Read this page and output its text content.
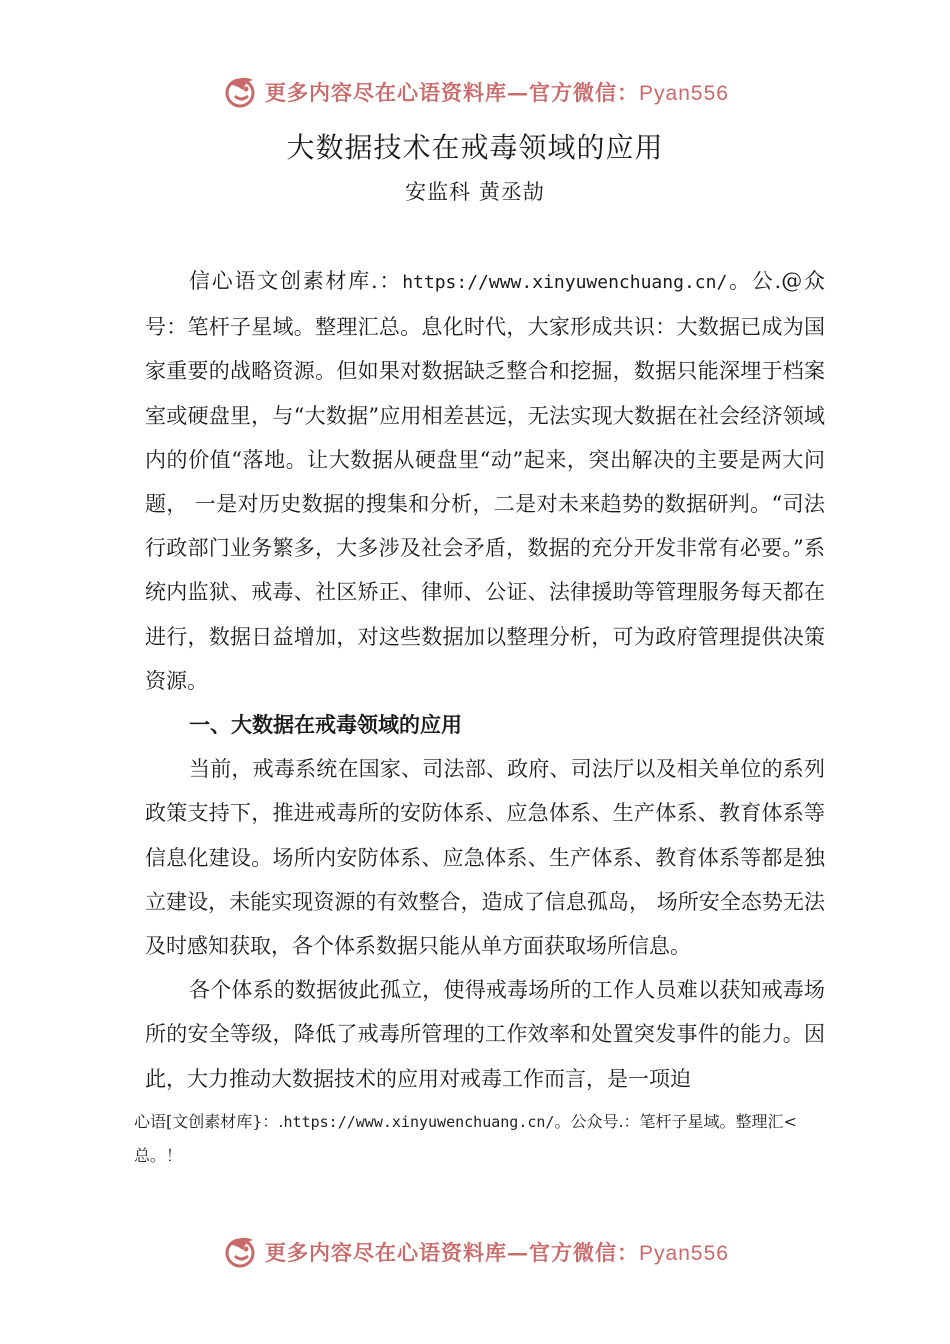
更多内容尽在心语资料库—官方微信：Pyan556
大数据技术在戒毒领域的应用

安监科 黄丞劼

信心语文创素材库.：https://www.xinyuwenchuang.cn/。公.@众号：笔杆子星域。整理汇总。息化时代，大家形成共识：大数据已成为国家重要的战略资源。但如果对数据缺乏整合和挖掘，数据只能深埋于档案室或硬盘里，与“大数据”应用相差甚远，无法实现大数据在社会经济领域内的价值“落地。让大数据从硬盘里“动”起来，突出解决的主要是两大问题， 一是对历史数据的搜集和分析，二是对未来趋势的数据研判。“司法行政部门业务繁多，大多涉及社会矛盾，数据的充分开发非常有必要。”系统内监狱、戒毒、社区矫正、律师、公证、法律援助等管理服务每天都在进行，数据日益增加，对这些数据加以整理分析，可为政府管理提供决策资源。

一、大数据在戒毒领域的应用

当前，戒毒系统在国家、司法部、政府、司法厅以及相关单位的系列政策支持下，推进戒毒所的安防体系、应急体系、生产体系、教育体系等信息化建设。场所内安防体系、应急体系、生产体系、教育体系等都是独立建设，未能实现资源的有效整合，造成了信息孤岛， 场所安全态势无法及时感知获取，各个体系数据只能从单方面获取场所信息。

各个体系的数据彼此孤立，使得戒毒场所的工作人员难以获知戒毒场所的安全等级，降低了戒毒所管理的工作效率和处置突发事件的能力。因此，大力推动大数据技术的应用对戒毒工作而言，是一项迫

心语[文创素材库}：.https://www.xinyuwenchuang.cn/。公众号.：笔杆子星域。整理汇<总。！
更多内容尽在心语资料库—官方微信：Pyan556
